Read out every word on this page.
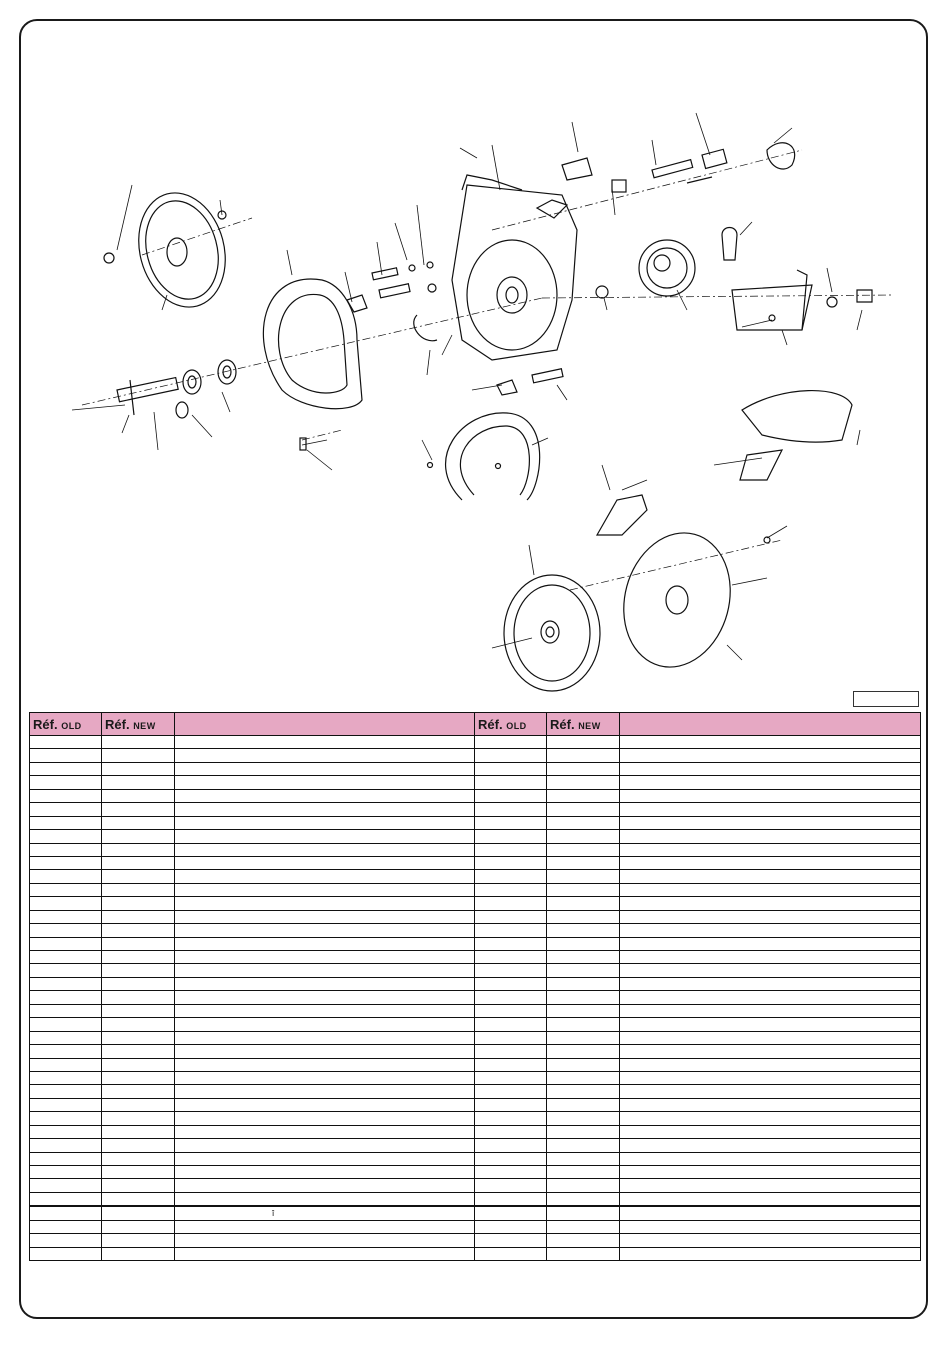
Réf. OLD	Réf. NEW		Réf. OLD	Réf. NEW	

		î			
